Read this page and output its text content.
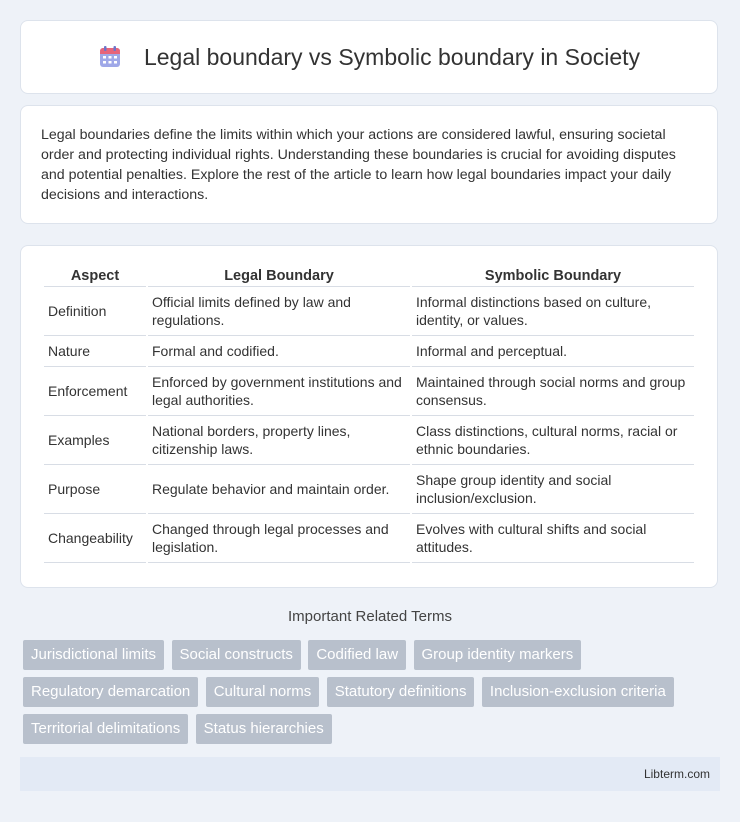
Legal boundary vs Symbolic boundary in Society

Legal boundaries define the limits within which your actions are considered lawful, ensuring societal order and protecting individual rights. Understanding these boundaries is crucial for avoiding disputes and potential penalties. Explore the rest of the article to learn how legal boundaries impact your daily decisions and interactions.

Aspect	Legal Boundary	Symbolic Boundary
Definition	Official limits defined by law and regulations.	Informal distinctions based on culture, identity, or values.
Nature	Formal and codified.	Informal and perceptual.
Enforcement	Enforced by government institutions and legal authorities.	Maintained through social norms and group consensus.
Examples	National borders, property lines, citizenship laws.	Class distinctions, cultural norms, racial or ethnic boundaries.
Purpose	Regulate behavior and maintain order.	Shape group identity and social inclusion/exclusion.
Changeability	Changed through legal processes and legislation.	Evolves with cultural shifts and social attitudes.
Important Related Terms
Jurisdictional limits Social constructs Codified law Group identity markers Regulatory demarcation Cultural norms Statutory definitions Inclusion-exclusion criteria Territorial delimitations Status hierarchies
Libterm.com
